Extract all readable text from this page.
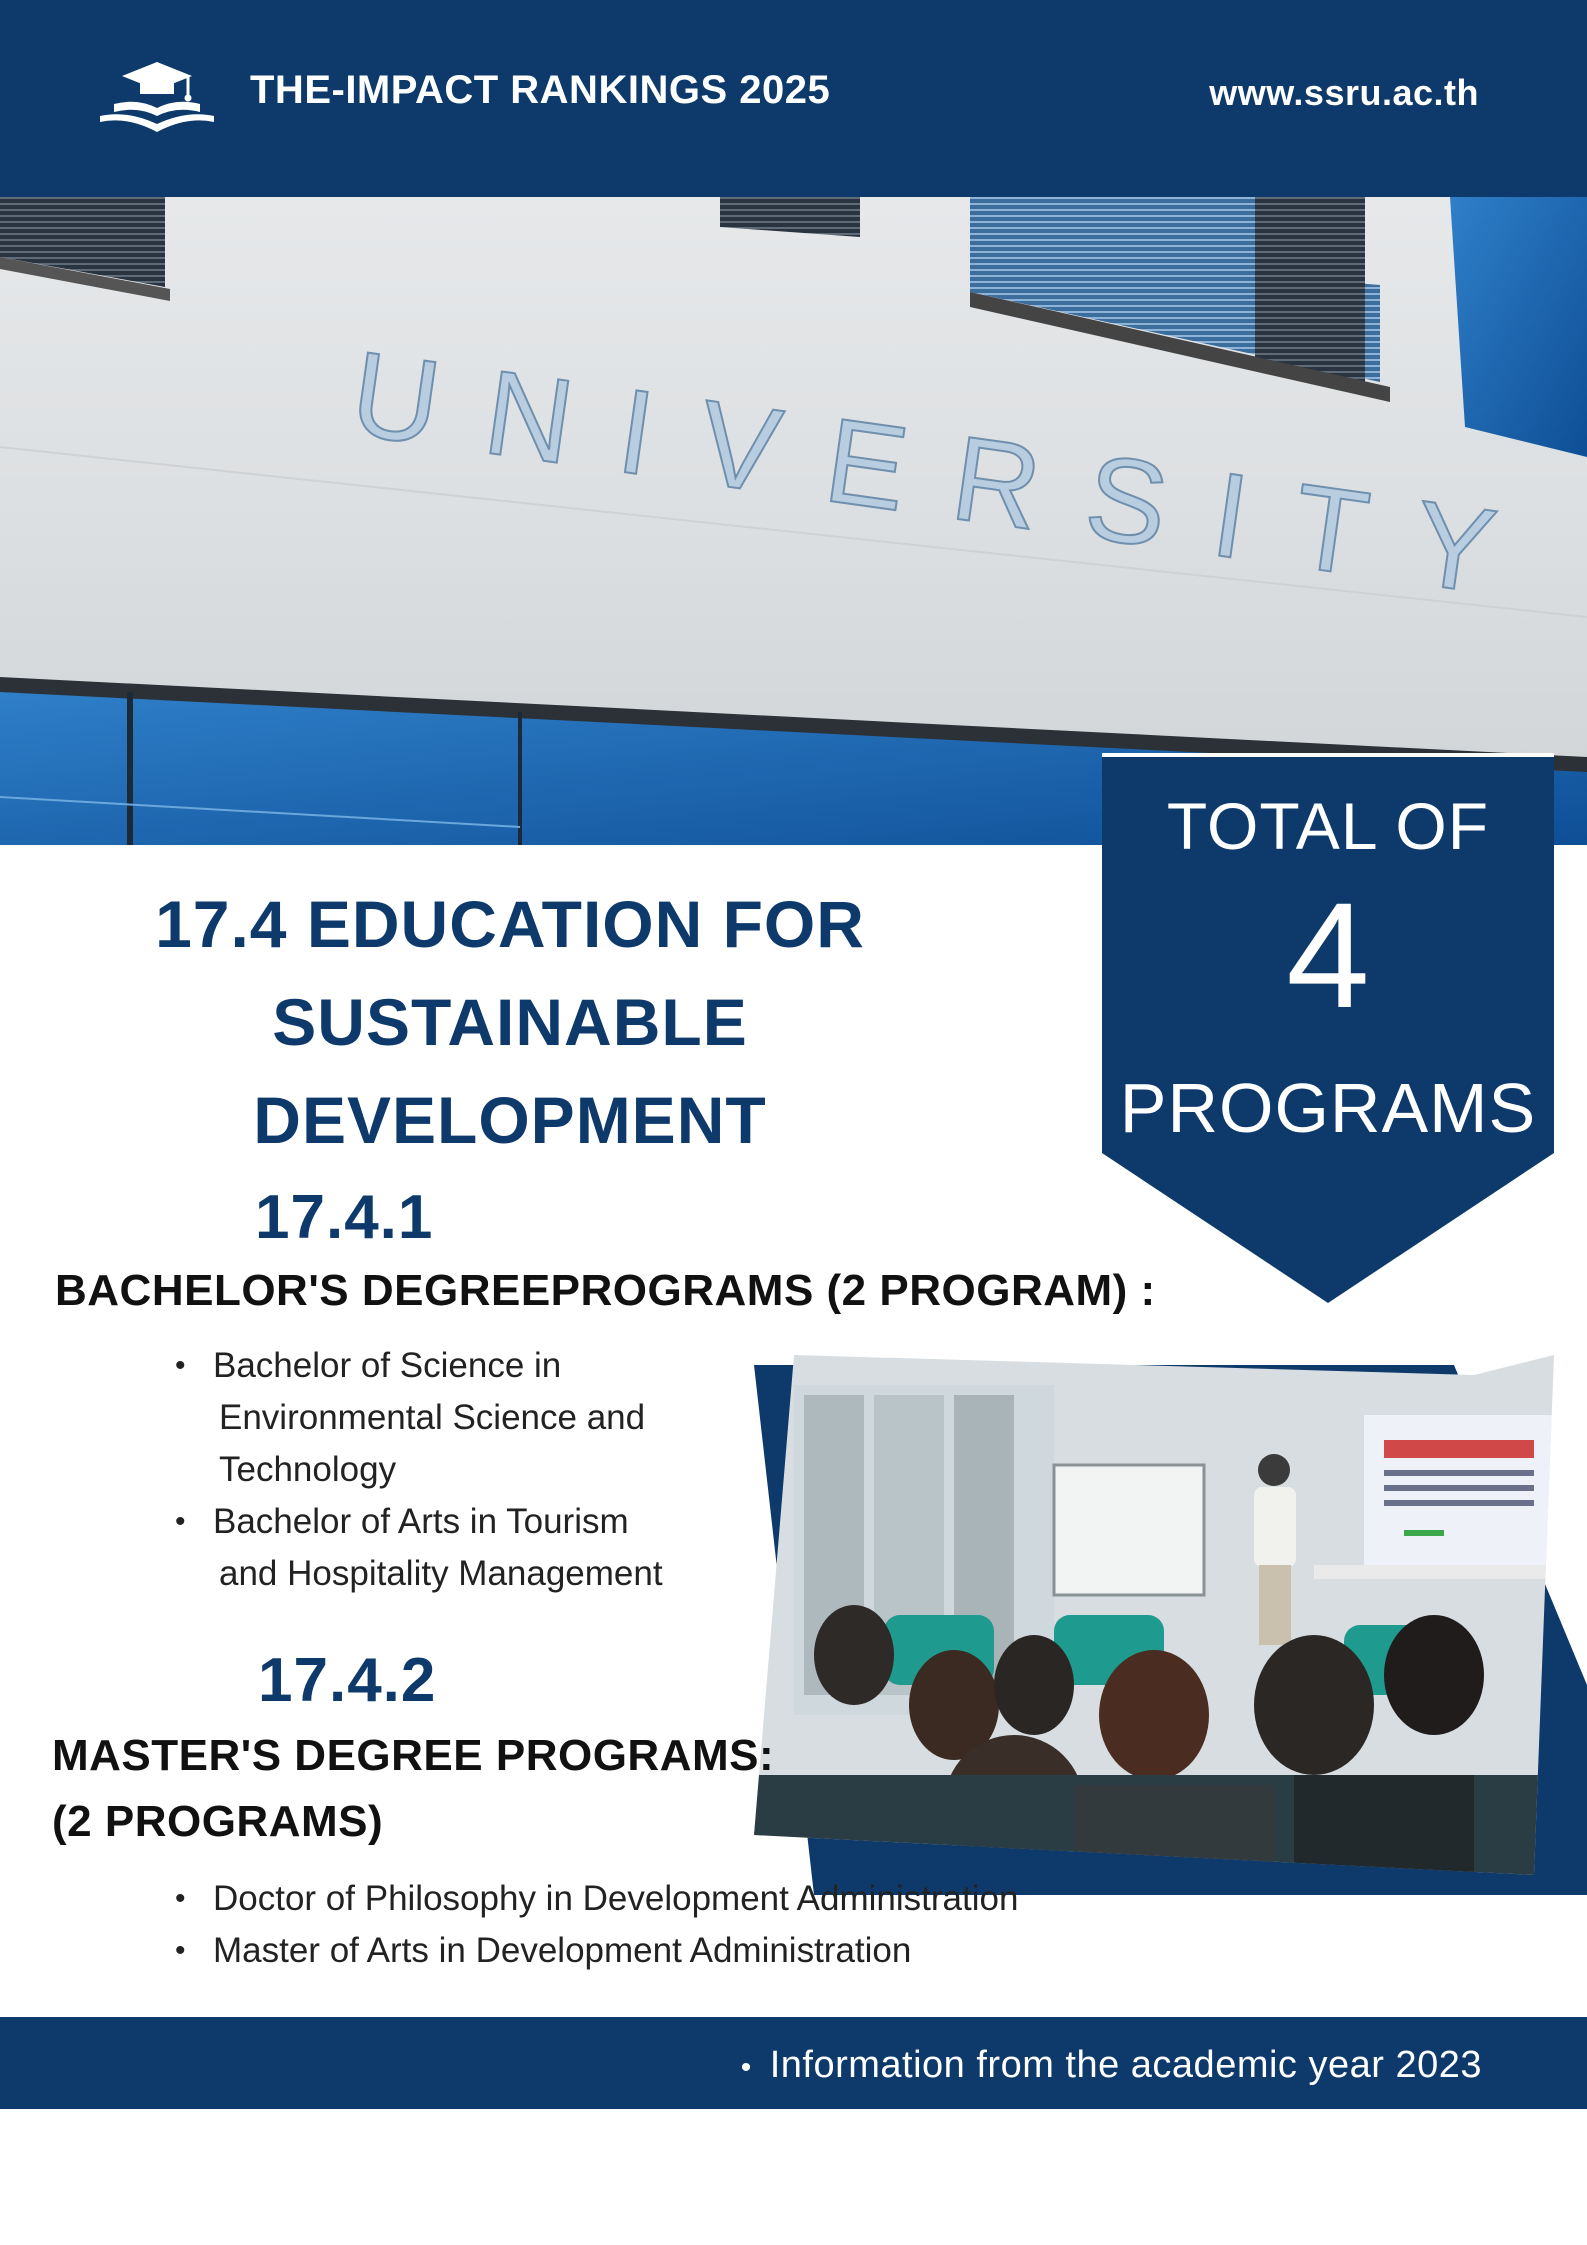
THE-IMPACT RANKINGS 2025	www.ssru.ac.th
UNIVERSITY
TOTAL OF
4
PROGRAMS
17.4 EDUCATION FOR
SUSTAINABLE
DEVELOPMENT
17.4.1
BACHELOR'S DEGREEPROGRAMS (2 PROGRAM) :
• Bachelor of Science in
Environmental Science and
Technology
• Bachelor of Arts in Tourism
and Hospitality Management
17.4.2
MASTER'S DEGREE PROGRAMS:
(2 PROGRAMS)
• Doctor of Philosophy in Development Administration
• Master of Arts in Development Administration
• Information from the academic year 2023
